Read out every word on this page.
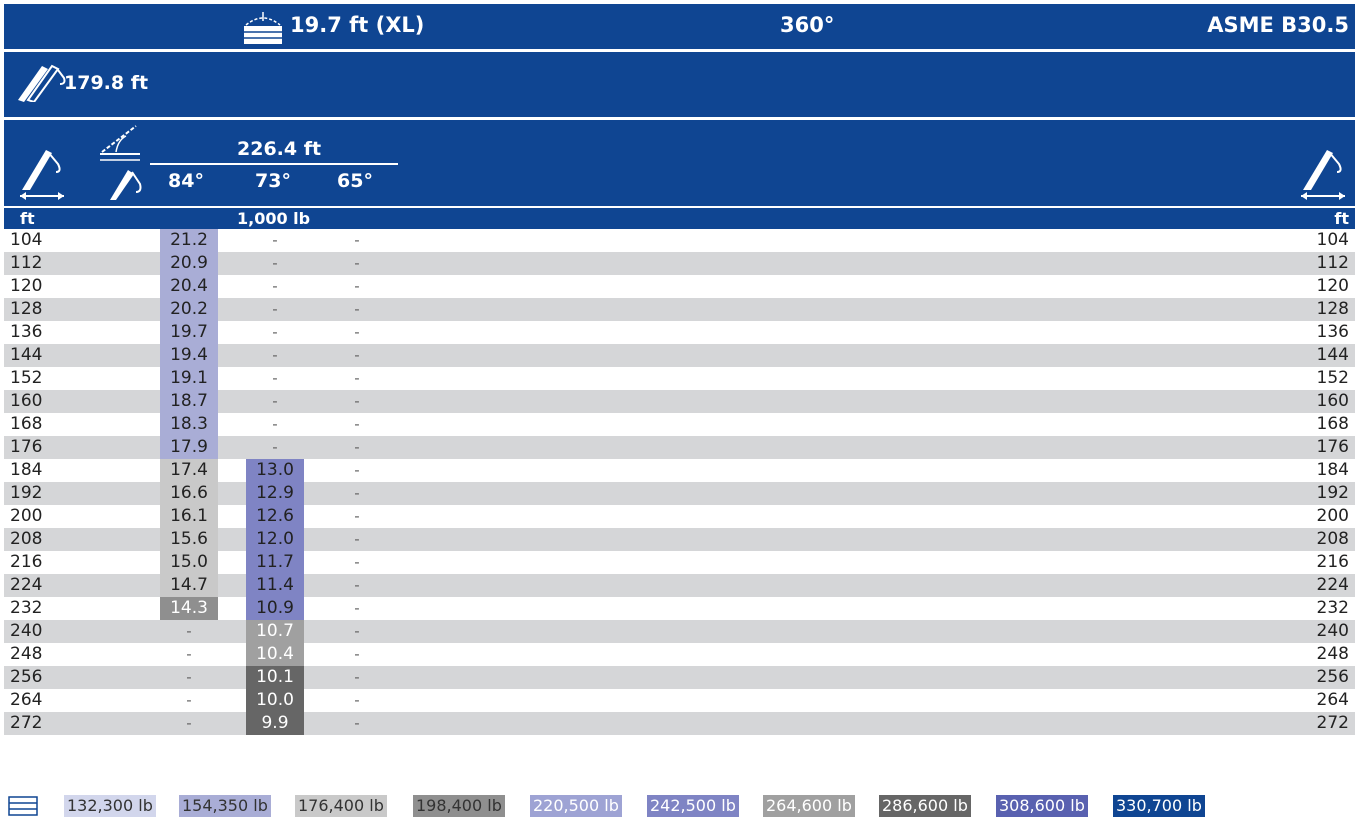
19.7 ft (XL)	360°	ASME B30.5
179.8 ft
226.4 ft
84°	73° 65°
ft	1,000 lb	ft
104	21.2	-	-	104
112	20.9	-	-	112
120	20.4	-	-	120
128	20.2	-	-	128
136	19.7	-	-	136
144	19.4	-	-	144
152	19.1	-	-	152
160	18.7	-	-	160
168	18.3	-	-	168
176	17.9	-	-	176
184	17.4	13.0	-	184
192	16.6	12.9	-	192
200	16.1	12.6	-	200
208	15.6	12.0	-	208
216	15.0	11.7	-	216
224	14.7	11.4	-	224
232	14.3	10.9	-	232
240	-	10.7	-	240
248	-	10.4	-	248
256	-	10.1	-	256
264	-	10.0	-	264
272	-	9.9	-	272
132,300 lb 154,350 lb 176,400 lb 198,400 lb 220,500 lb 242,500 lb 264,600 lb 286,600 lb 308,600 lb 330,700 lb
